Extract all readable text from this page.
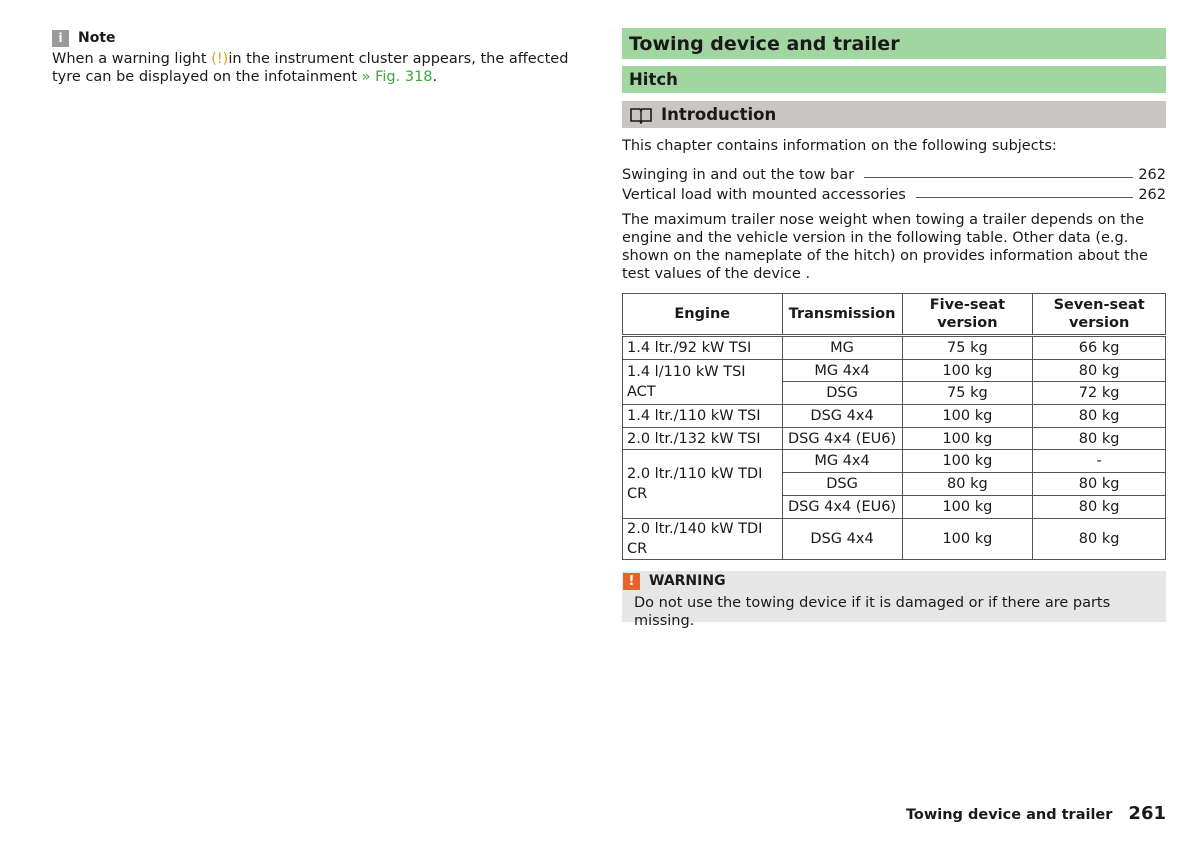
i	Note
When a warning light (!)in the instrument cluster appears, the affected tyre can be displayed on the infotainment » Fig. 318.
Towing device and trailer
Hitch
Introduction
This chapter contains information on the following subjects:
Swinging in and out the tow bar	262
Vertical load with mounted accessories	262
The maximum trailer nose weight when towing a trailer depends on the engine and the vehicle version in the following table. Other data (e.g. shown on the nameplate of the hitch) on provides information about the test values of the device .
Engine	Transmission	Five-seat version	Seven-seat version
1.4 ltr./92 kW TSI	MG	75 kg	66 kg
1.4 l/110 kW TSI ACT	MG 4x4	100 kg	80 kg
	DSG	75 kg	72 kg
1.4 ltr./110 kW TSI	DSG 4x4	100 kg	80 kg
2.0 ltr./132 kW TSI	DSG 4x4 (EU6)	100 kg	80 kg
2.0 ltr./110 kW TDI CR	MG 4x4	100 kg	-
	DSG	80 kg	80 kg
	DSG 4x4 (EU6)	100 kg	80 kg
2.0 ltr./140 kW TDI CR	DSG 4x4	100 kg	80 kg
!	WARNING
Do not use the towing device if it is damaged or if there are parts missing.
Towing device and trailer 261
